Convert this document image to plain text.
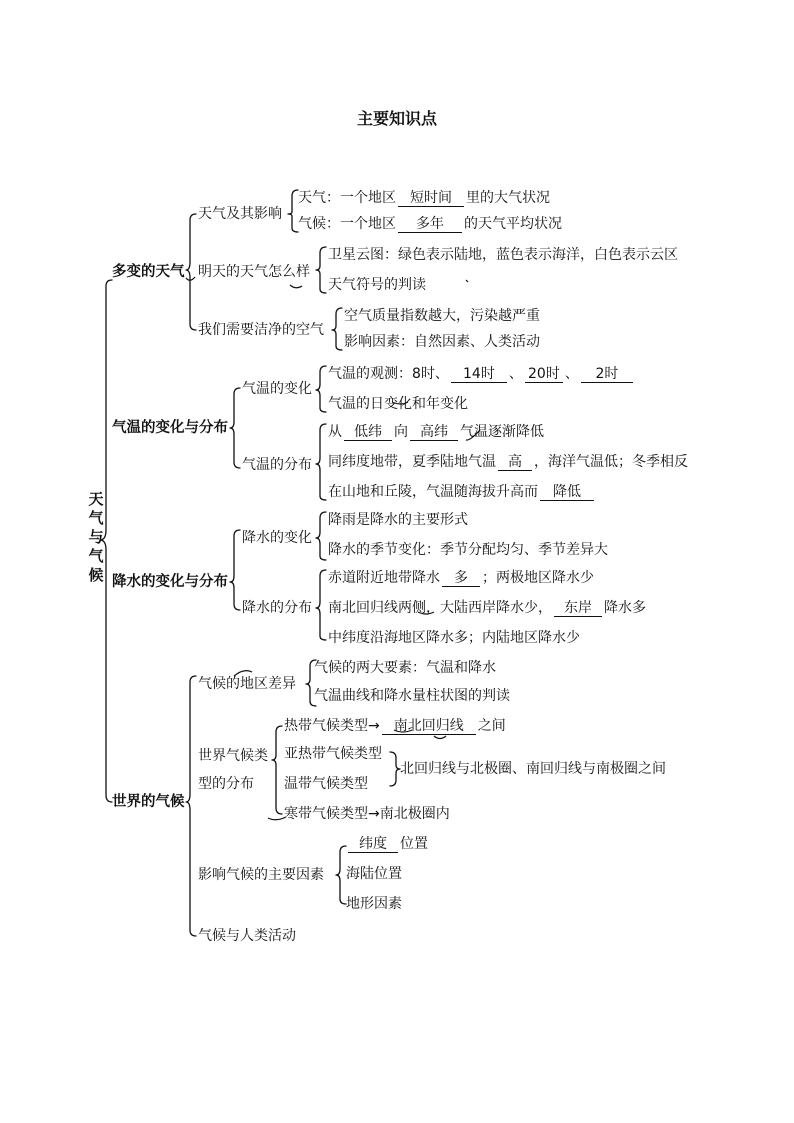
主要知识点
天气与气候
多变的天气
天气及其影响
天气：一个地区 短时间 里的大气状况
气候：一个地区 多年 的天气平均状况
明天的天气怎么样
卫星云图：绿色表示陆地，蓝色表示海洋，白色表示云区
天气符号的判读
我们需要洁净的空气
空气质量指数越大，污染越严重
影响因素：自然因素、人类活动
气温的变化与分布
气温的变化
气温的观测：8时、 14时 、 20时 、 2时
气温的日变化和年变化
气温的分布
从 低纬 向 高纬 气温逐渐降低
同纬度地带，夏季陆地气温 高 ，海洋气温低；冬季相反
在山地和丘陵，气温随海拔升高而 降低
降水的变化与分布
降水的变化
降雨是降水的主要形式
降水的季节变化：季节分配均匀、季节差异大
降水的分布
赤道附近地带降水 多 ；两极地区降水少
南北回归线两侧，大陆西岸降水少， 东岸 降水多
中纬度沿海地区降水多；内陆地区降水少
世界的气候
气候的地区差异
气候的两大要素：气温和降水
气温曲线和降水量柱状图的判读
世界气候类
型的分布
热带气候类型→ 南北回归线 之间
亚热带气候类型
温带气候类型
北回归线与北极圈、南回归线与南极圈之间
寒带气候类型→南北极圈内
影响气候的主要因素
纬度 位置
海陆位置
地形因素
气候与人类活动
